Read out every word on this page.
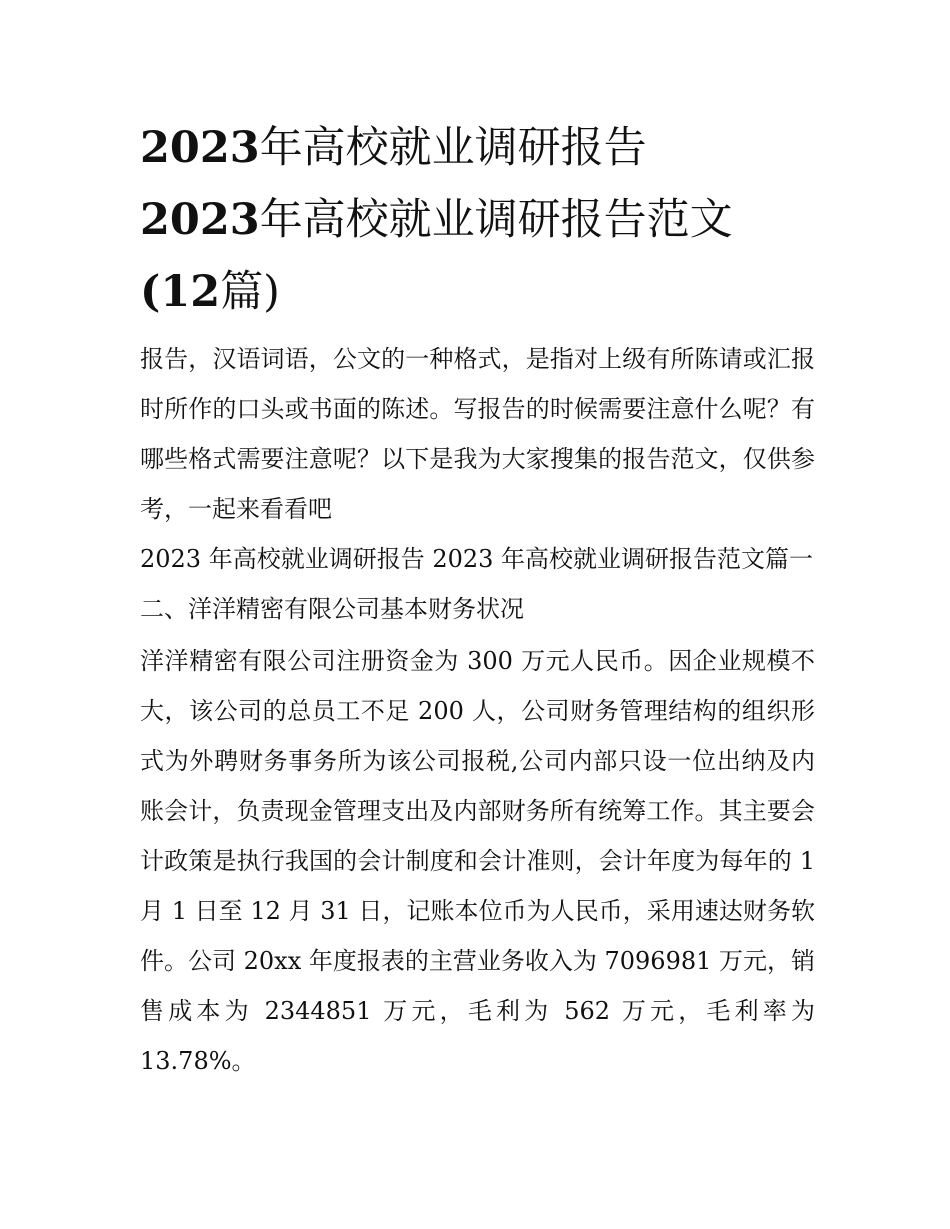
2023年高校就业调研报告
2023年高校就业调研报告范文
(12篇)

报告，汉语词语，公文的一种格式，是指对上级有所陈请或汇报时所作的口头或书面的陈述。写报告的时候需要注意什么呢？有哪些格式需要注意呢？以下是我为大家搜集的报告范文，仅供参考，一起来看看吧

2023 年高校就业调研报告 2023 年高校就业调研报告范文篇一

二、洋洋精密有限公司基本财务状况

洋洋精密有限公司注册资金为 300 万元人民币。因企业规模不大，该公司的总员工不足 200 人，公司财务管理结构的组织形式为外聘财务事务所为该公司报税,公司内部只设一位出纳及内账会计，负责现金管理支出及内部财务所有统筹工作。其主要会计政策是执行我国的会计制度和会计准则，会计年度为每年的 1 月 1 日至 12 月 31 日，记账本位币为人民币，采用速达财务软件。公司 20xx 年度报表的主营业务收入为 7096981 万元，销售成本为 2344851 万元，毛利为 562 万元，毛利率为13.78%。
